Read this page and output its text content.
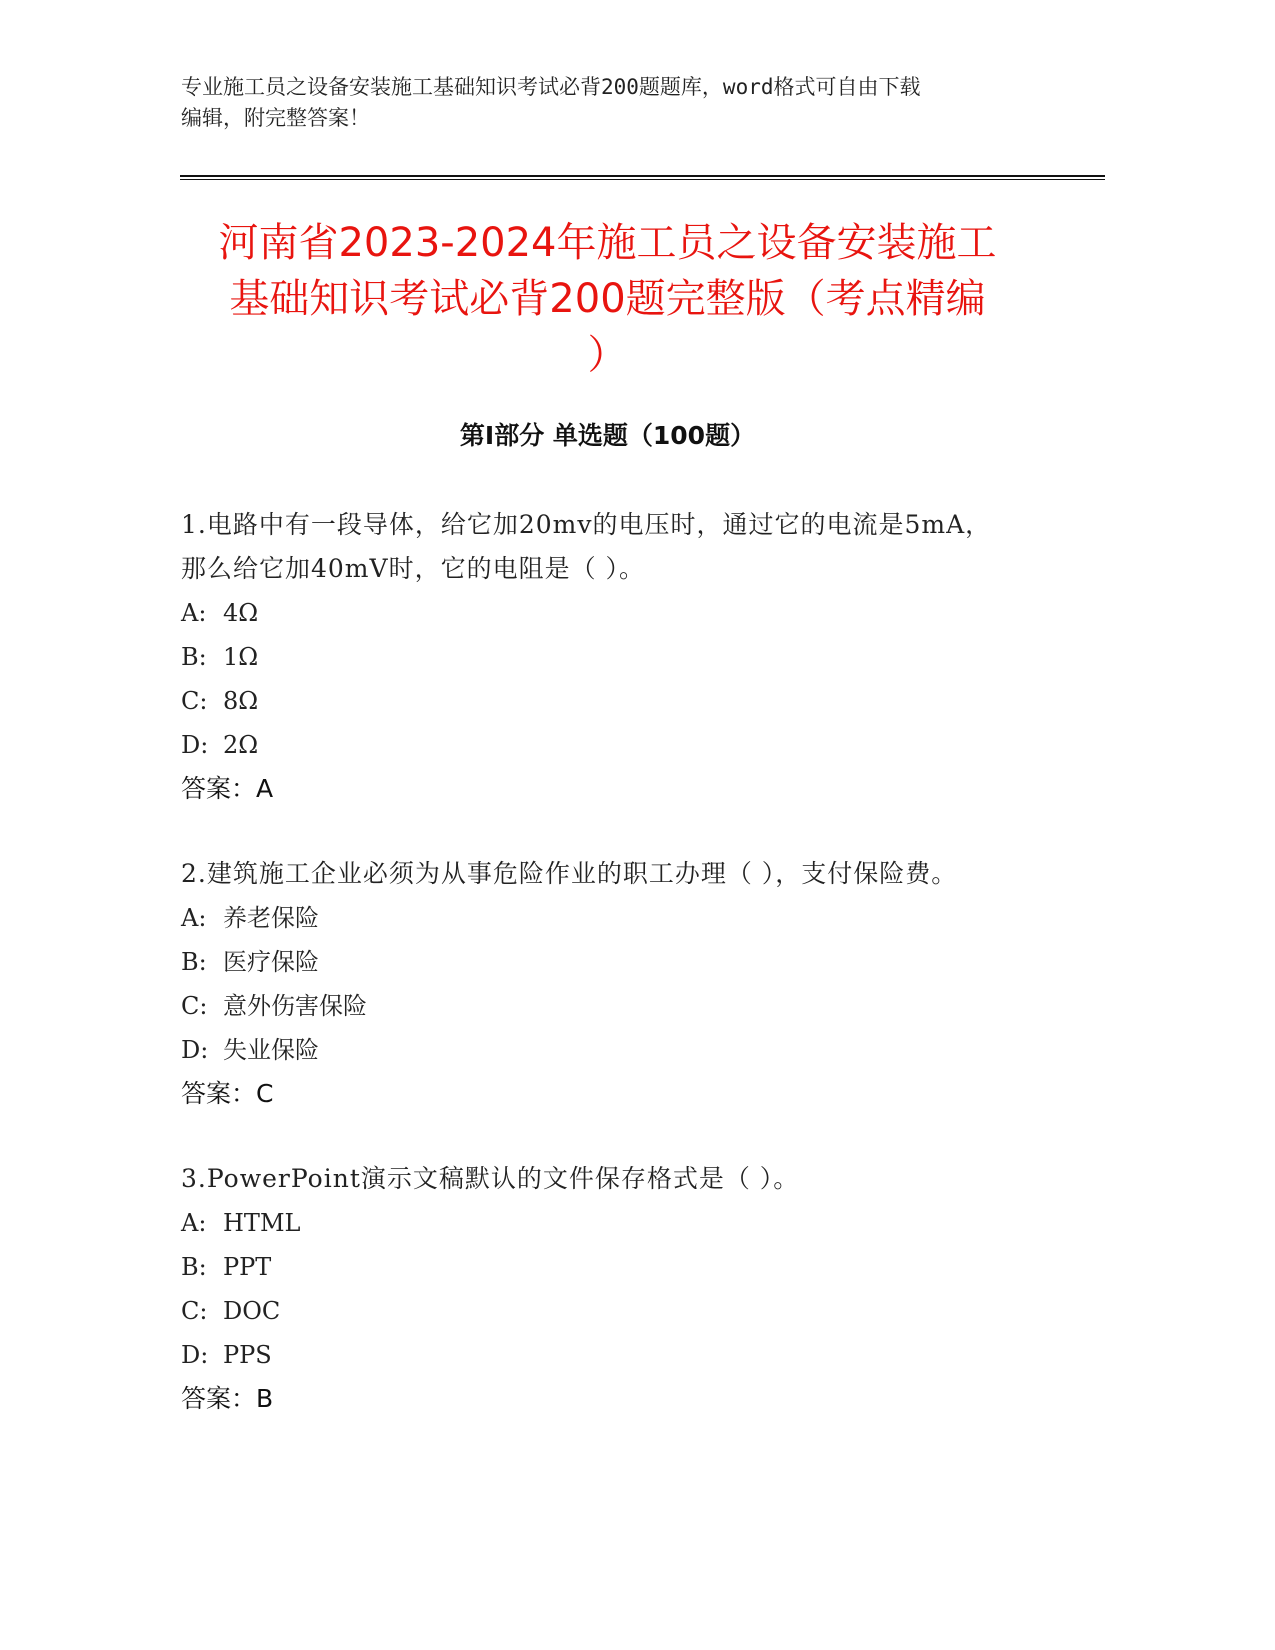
专业施工员之设备安装施工基础知识考试必背200题题库，word格式可自由下载
编辑，附完整答案！
河南省2023-2024年施工员之设备安装施工
基础知识考试必背200题完整版（考点精编
）
第Ⅰ部分 单选题（100题）
1.电路中有一段导体，给它加20mv的电压时，通过它的电流是5mA，
那么给它加40mV时，它的电阻是（ ）。
A: 4Ω
B: 1Ω
C: 8Ω
D: 2Ω
答案： A
2.建筑施工企业必须为从事危险作业的职工办理（ ），支付保险费。
A: 养老保险
B: 医疗保险
C: 意外伤害保险
D: 失业保险
答案： C
3.PowerPoint演示文稿默认的文件保存格式是（ ）。
A: HTML
B: PPT
C: DOC
D: PPS
答案： B
